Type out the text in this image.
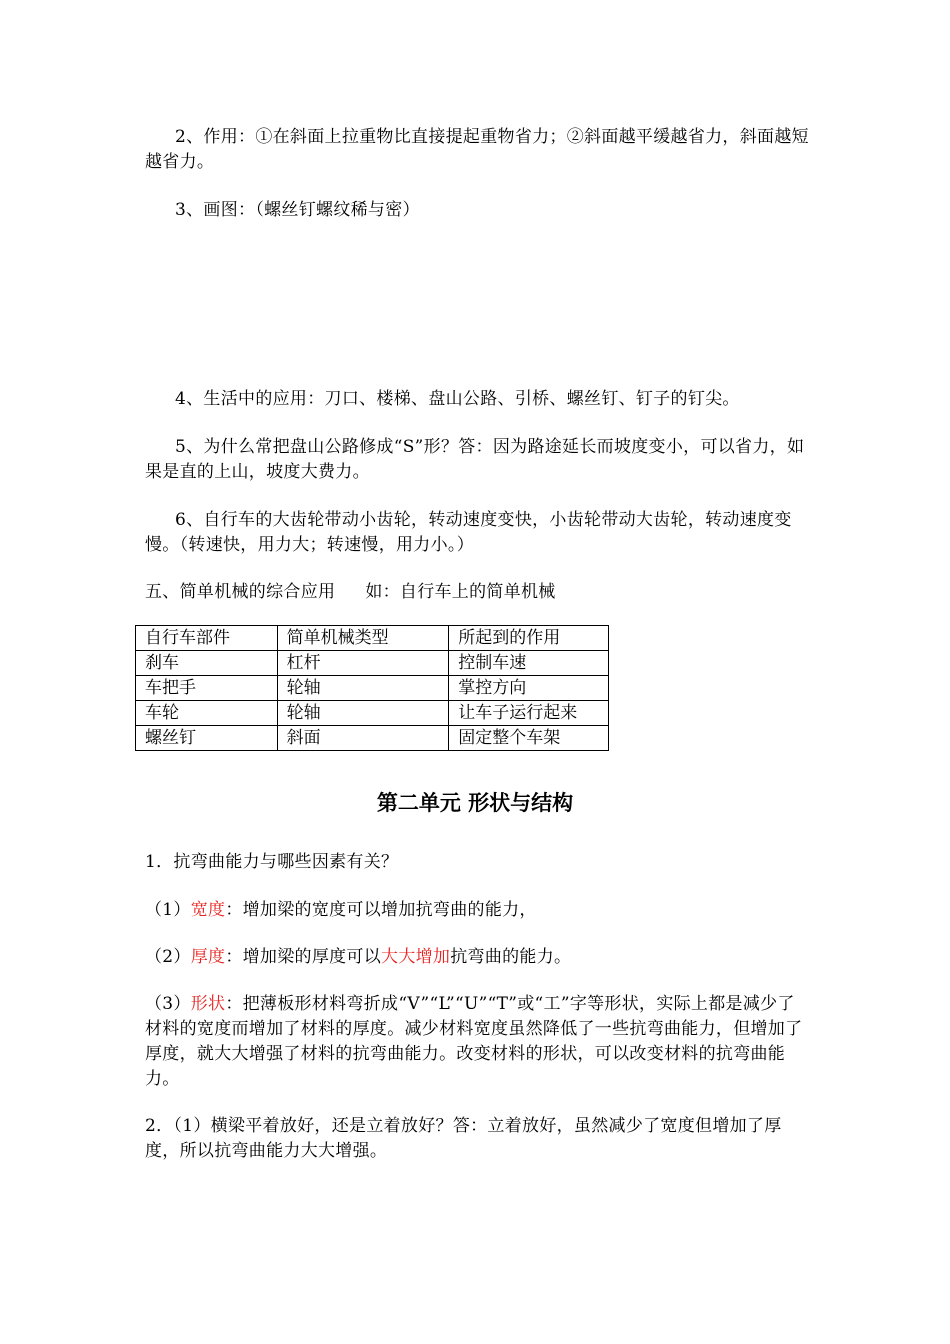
2、作用：①在斜面上拉重物比直接提起重物省力；②斜面越平缓越省力，斜面越短越省力。

3、画图：（螺丝钉螺纹稀与密）

4、生活中的应用：刀口、楼梯、盘山公路、引桥、螺丝钉、钉子的钉尖。

5、为什么常把盘山公路修成“S”形？答：因为路途延长而坡度变小，可以省力，如果是直的上山，坡度大费力。

6、自行车的大齿轮带动小齿轮，转动速度变快，小齿轮带动大齿轮，转动速度变慢。（转速快，用力大；转速慢，用力小。）

五、简单机械的综合应用 如：自行车上的简单机械

自行车部件	简单机械类型	所起到的作用
刹车	杠杆	控制车速
车把手	轮轴	掌控方向
车轮	轮轴	让车子运行起来
螺丝钉	斜面	固定整个车架
第二单元 形状与结构

1．抗弯曲能力与哪些因素有关？

（1）宽度：增加梁的宽度可以增加抗弯曲的能力，

（2）厚度：增加梁的厚度可以大大增加抗弯曲的能力。

（3）形状：把薄板形材料弯折成“V”“L”“U”“T”或“工”字等形状，实际上都是减少了材料的宽度而增加了材料的厚度。减少材料宽度虽然降低了一些抗弯曲能力，但增加了厚度，就大大增强了材料的抗弯曲能力。改变材料的形状，可以改变材料的抗弯曲能力。

2．（1）横梁平着放好，还是立着放好？答：立着放好，虽然减少了宽度但增加了厚度，所以抗弯曲能力大大增强。
